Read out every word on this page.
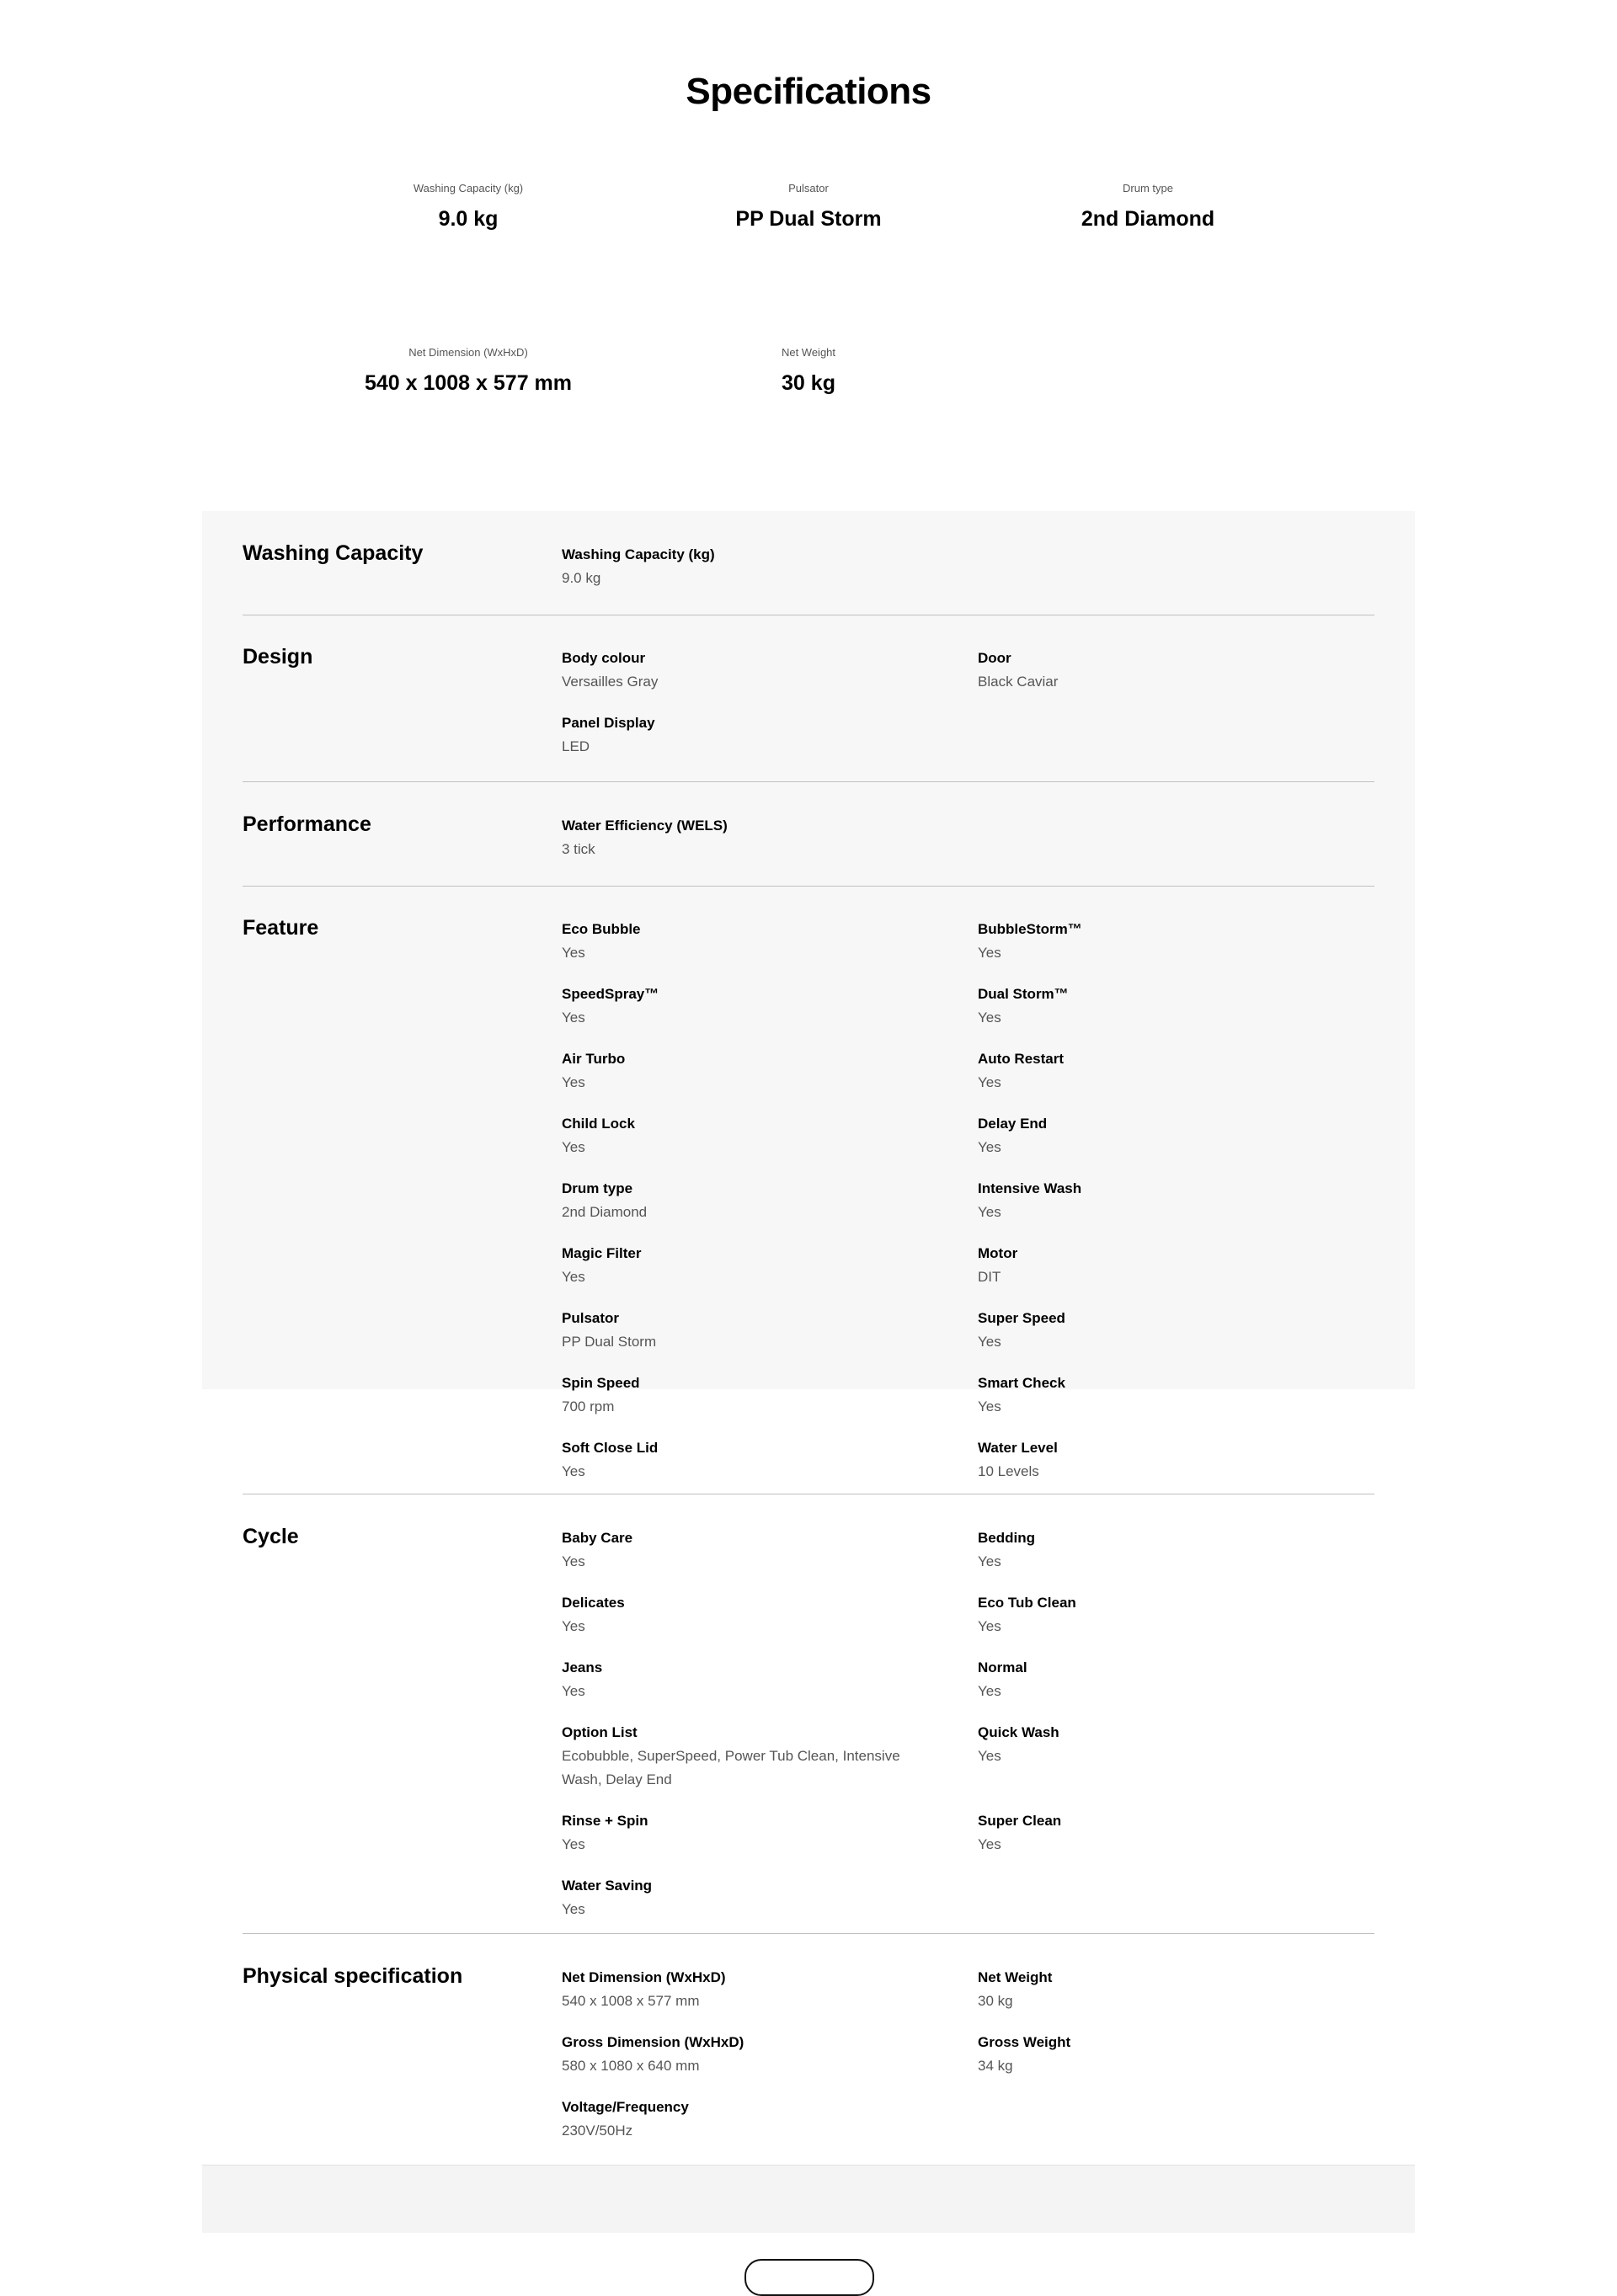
Specifications
Washing Capacity (kg)
9.0 kg
Pulsator
PP Dual Storm
Drum type
2nd Diamond
Net Dimension (WxHxD)
540 x 1008 x 577 mm
Net Weight
30 kg
Washing Capacity	Washing Capacity (kg)
9.0 kg
Design	Body colour
Versailles Gray
Door
Black Caviar
Panel Display
LED
Performance	Water Efficiency (WELS)
3 tick
Feature	Eco Bubble
Yes
BubbleStorm™
Yes
SpeedSpray™
Yes
Dual Storm™
Yes
Air Turbo
Yes
Auto Restart
Yes
Child Lock
Yes
Delay End
Yes
Drum type
2nd Diamond
Intensive Wash
Yes
Magic Filter
Yes
Motor
DIT
Pulsator
PP Dual Storm
Super Speed
Yes
Spin Speed
700 rpm
Smart Check
Yes
Soft Close Lid
Yes
Water Level
10 Levels
Cycle	Baby Care
Yes
Bedding
Yes
Delicates
Yes
Eco Tub Clean
Yes
Jeans
Yes
Normal
Yes
Option List
Ecobubble, SuperSpeed, Power Tub Clean, Intensive Wash, Delay End
Quick Wash
Yes
Rinse + Spin
Yes
Super Clean
Yes
Water Saving
Yes
Physical specification	Net Dimension (WxHxD)
540 x 1008 x 577 mm
Net Weight
30 kg
Gross Dimension (WxHxD)
580 x 1080 x 640 mm
Gross Weight
34 kg
Voltage/Frequency
230V/50Hz
